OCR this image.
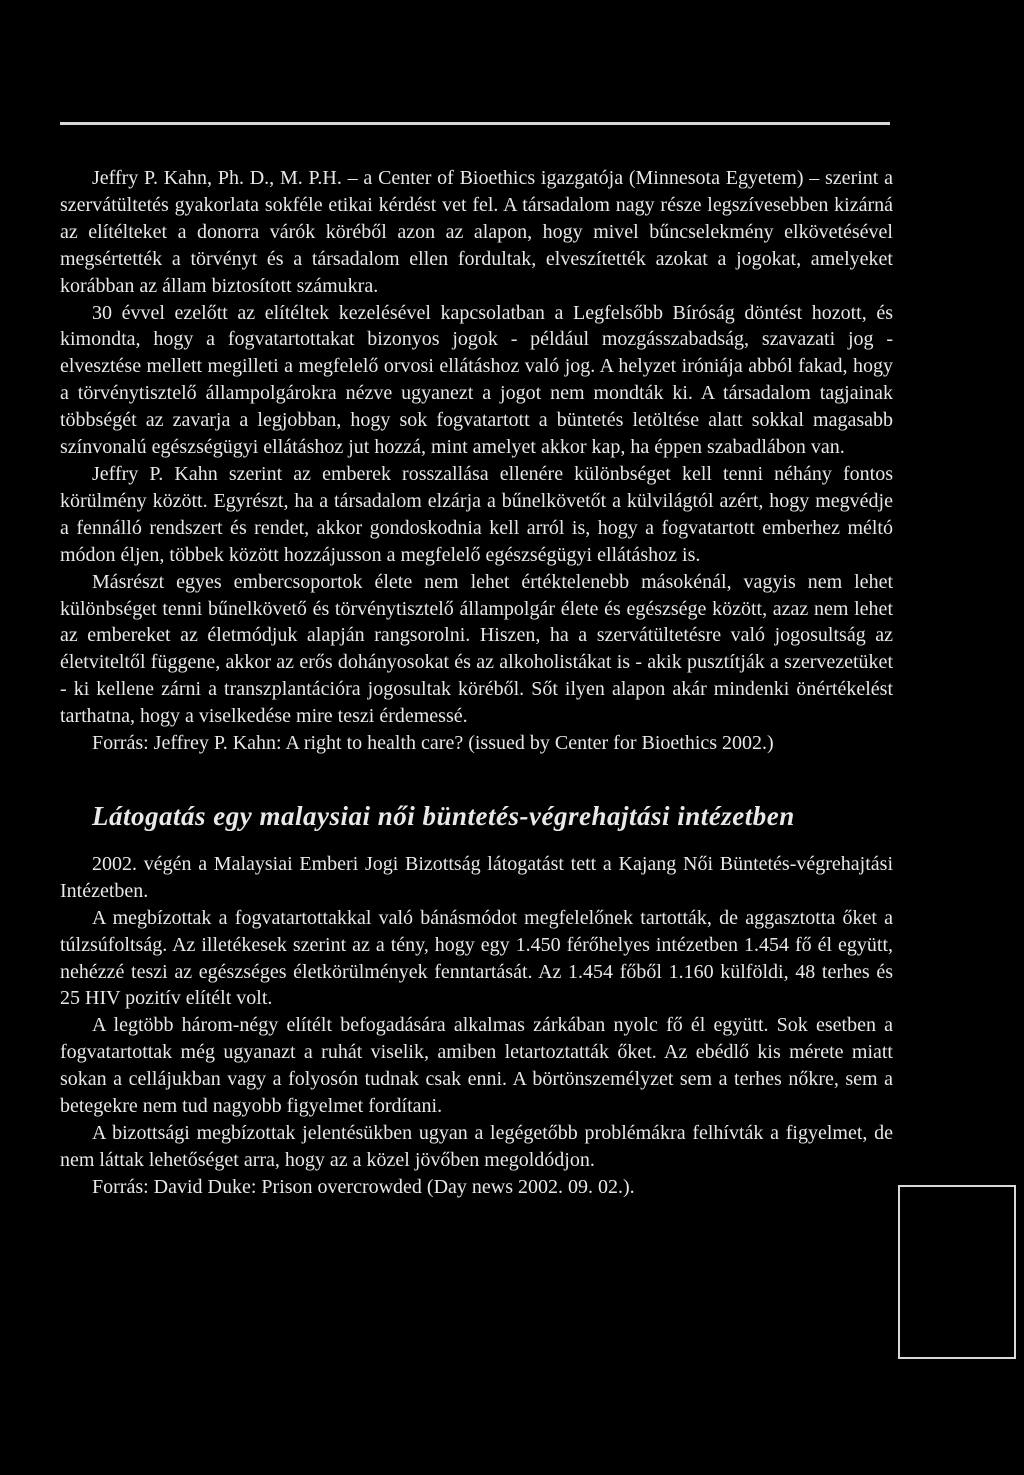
Jeffry P. Kahn, Ph. D., M. P.H. – a Center of Bioethics igazgatója (Minnesota Egyetem) – szerint a szervátültetés gyakorlata sokféle etikai kérdést vet fel. A társadalom nagy része legszívesebben kizárná az elítélteket a donorra várók köréből azon az alapon, hogy mivel bűncselekmény elkövetésével megsértették a törvényt és a társadalom ellen fordultak, elveszítették azokat a jogokat, amelyeket korábban az állam biztosított számukra.

30 évvel ezelőtt az elítéltek kezelésével kapcsolatban a Legfelsőbb Bíróság döntést hozott, és kimondta, hogy a fogvatartottakat bizonyos jogok - például mozgásszabadság, szavazati jog - elvesztése mellett megilleti a megfelelő orvosi ellátáshoz való jog. A helyzet iróniája abból fakad, hogy a törvénytisztelő állampolgárokra nézve ugyanezt a jogot nem mondták ki. A társadalom tagjainak többségét az zavarja a legjobban, hogy sok fogvatartott a büntetés letöltése alatt sokkal magasabb színvonalú egészségügyi ellátáshoz jut hozzá, mint amelyet akkor kap, ha éppen szabadlábon van.

Jeffry P. Kahn szerint az emberek rosszallása ellenére különbséget kell tenni néhány fontos körülmény között. Egyrészt, ha a társadalom elzárja a bűnelkövetőt a külvilágtól azért, hogy megvédje a fennálló rendszert és rendet, akkor gondoskodnia kell arról is, hogy a fogvatartott emberhez méltó módon éljen, többek között hozzájusson a megfelelő egészségügyi ellátáshoz is.

Másrészt egyes embercsoportok élete nem lehet értéktelenebb másokénál, vagyis nem lehet különbséget tenni bűnelkövető és törvénytisztelő állampolgár élete és egészsége között, azaz nem lehet az embereket az életmódjuk alapján rangsorolni. Hiszen, ha a szervátültetésre való jogosultság az életviteltől függene, akkor az erős dohányosokat és az alkoholistákat is - akik pusztítják a szervezetüket - ki kellene zárni a transzplantációra jogosultak köréből. Sőt ilyen alapon akár mindenki önértékelést tarthatna, hogy a viselkedése mire teszi érdemessé.

Forrás: Jeffrey P. Kahn: A right to health care? (issued by Center for Bioethics 2002.)

Látogatás egy malaysiai női büntetés-végrehajtási intézetben

2002. végén a Malaysiai Emberi Jogi Bizottság látogatást tett a Kajang Női Büntetés-végrehajtási Intézetben.

A megbízottak a fogvatartottakkal való bánásmódot megfelelőnek tartották, de aggasztotta őket a túlzsúfoltság. Az illetékesek szerint az a tény, hogy egy 1.450 férőhelyes intézetben 1.454 fő él együtt, nehézzé teszi az egészséges életkörülmények fenntartását. Az 1.454 főből 1.160 külföldi, 48 terhes és 25 HIV pozitív elítélt volt.

A legtöbb három-négy elítélt befogadására alkalmas zárkában nyolc fő él együtt. Sok esetben a fogvatartottak még ugyanazt a ruhát viselik, amiben letartoztatták őket. Az ebédlő kis mérete miatt sokan a cellájukban vagy a folyosón tudnak csak enni. A börtönszemélyzet sem a terhes nőkre, sem a betegekre nem tud nagyobb figyelmet fordítani.

A bizottsági megbízottak jelentésükben ugyan a legégetőbb problémákra felhívták a figyelmet, de nem láttak lehetőséget arra, hogy az a közel jövőben megoldódjon.

Forrás: David Duke: Prison overcrowded (Day news 2002. 09. 02.).
